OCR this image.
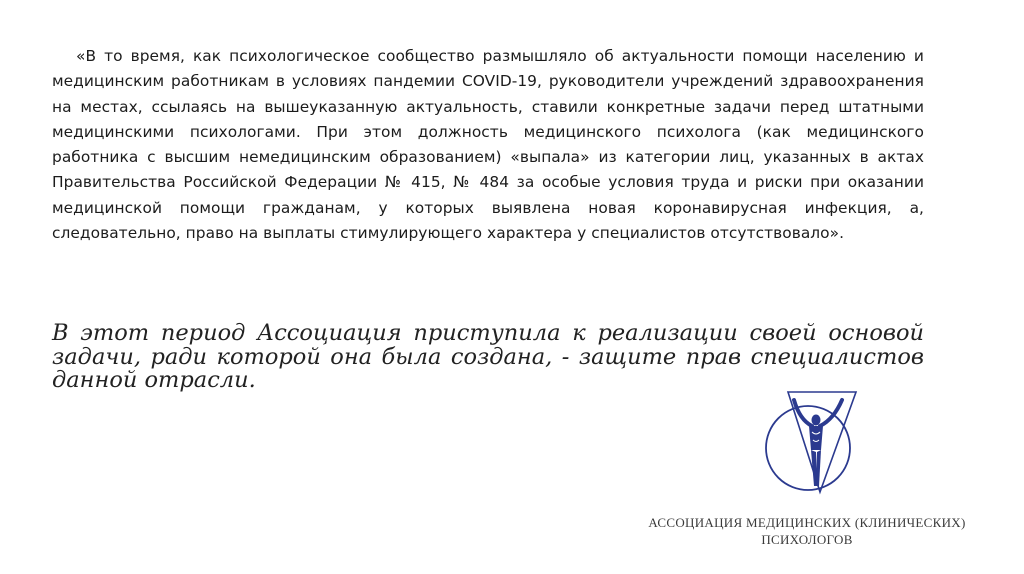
«В то время, как психологическое сообщество размышляло об актуальности помощи населению и медицинским работникам в условиях пандемии COVID-19, руководители учреждений здравоохранения на местах, ссылаясь на вышеуказанную актуальность, ставили конкретные задачи перед штатными медицинскими психологами. При этом должность медицинского психолога (как медицинского работника с высшим немедицинским образованием) «выпала» из категории лиц, указанных в актах Правительства Российской Федерации № 415, № 484 за особые условия труда и риски при оказании медицинской помощи гражданам, у которых выявлена новая коронавирусная инфекция, а, следовательно, право на выплаты стимулирующего характера у специалистов отсутствовало».

В этот период Ассоциация приступила к реализации своей основой задачи, ради которой она была создана, - защите прав специалистов данной отрасли.

АССОЦИАЦИЯ МЕДИЦИНСКИХ (КЛИНИЧЕСКИХ)
ПСИХОЛОГОВ
